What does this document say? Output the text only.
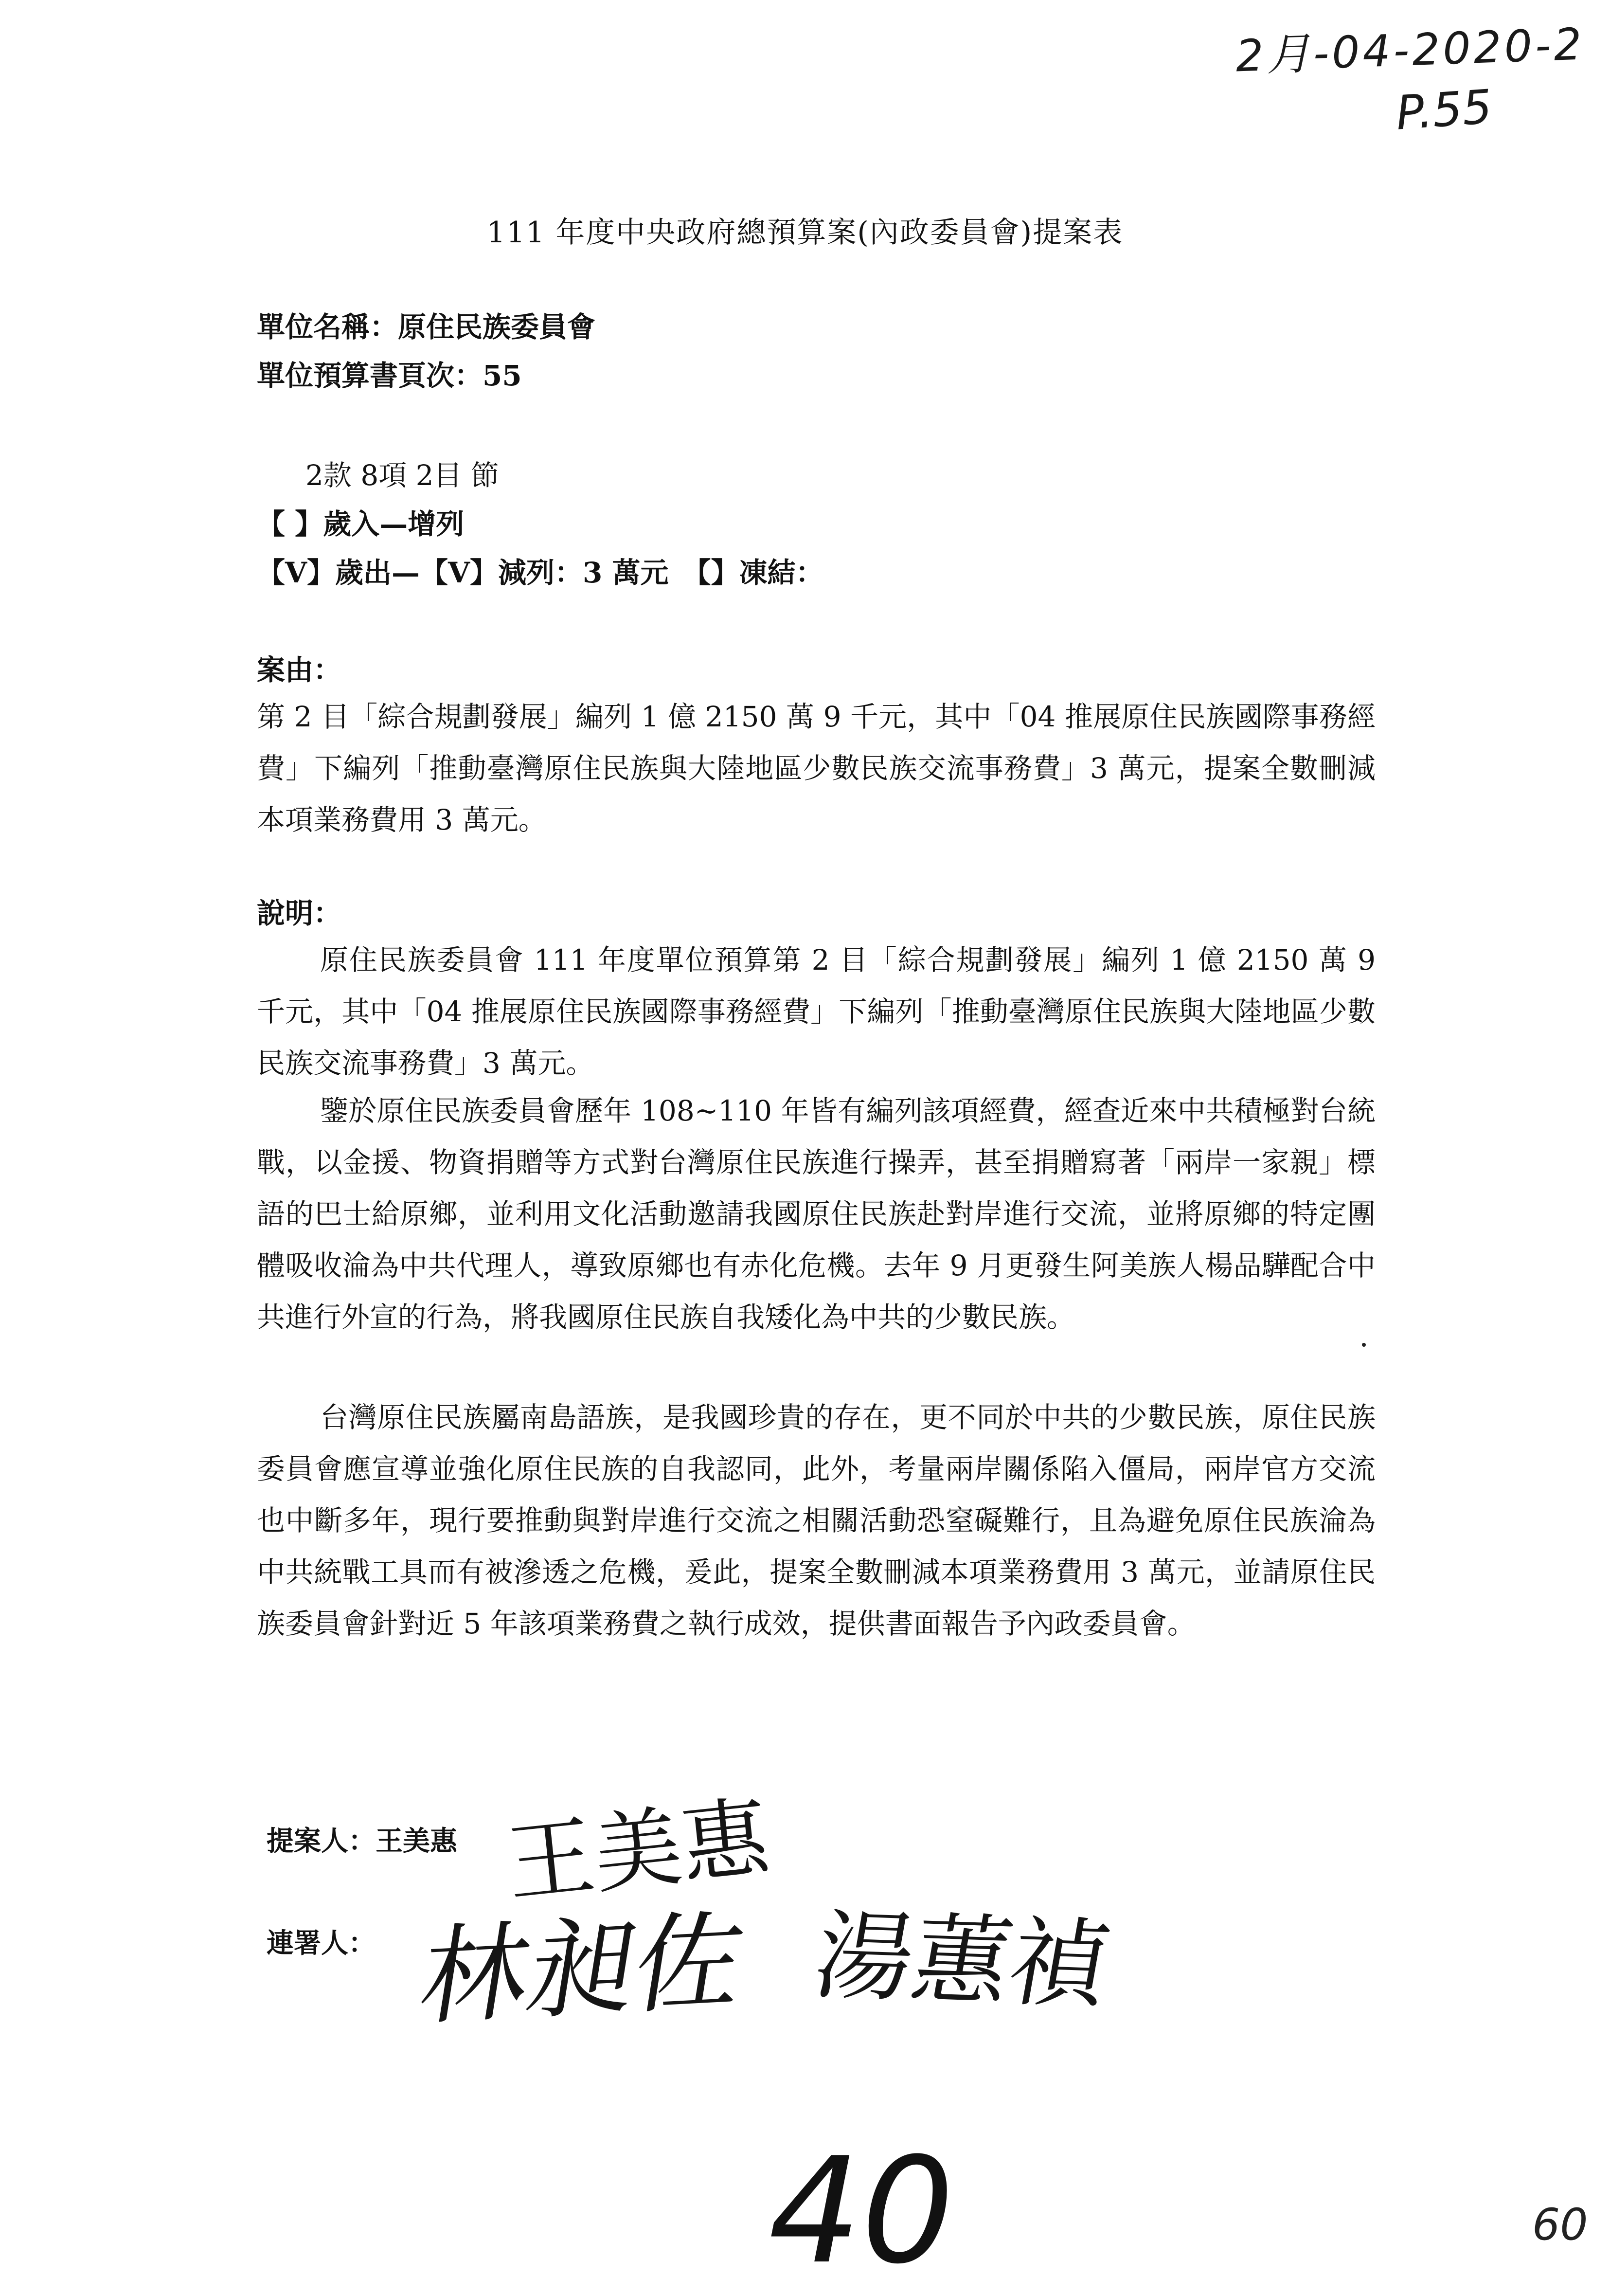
2月-04-2020-2
P.55
111 年度中央政府總預算案(內政委員會)提案表
單位名稱：原住民族委員會
單位預算書頁次：55
2款 8項 2目 節
【 】歲入—增列
【V】歲出—【V】減列：3 萬元　【】凍結：
案由：
第 2 目「綜合規劃發展」編列 1 億 2150 萬 9 千元，其中「04 推展原住民族國際事務經費」下編列「推動臺灣原住民族與大陸地區少數民族交流事務費」3 萬元，提案全數刪減本項業務費用 3 萬元。
說明：
原住民族委員會 111 年度單位預算第 2 目「綜合規劃發展」編列 1 億 2150 萬 9 千元，其中「04 推展原住民族國際事務經費」下編列「推動臺灣原住民族與大陸地區少數民族交流事務費」3 萬元。
鑒於原住民族委員會歷年 108~110 年皆有編列該項經費，經查近來中共積極對台統戰，以金援、物資捐贈等方式對台灣原住民族進行操弄，甚至捐贈寫著「兩岸一家親」標語的巴士給原鄉，並利用文化活動邀請我國原住民族赴對岸進行交流，並將原鄉的特定團體吸收淪為中共代理人，導致原鄉也有赤化危機。去年 9 月更發生阿美族人楊品驊配合中共進行外宣的行為，將我國原住民族自我矮化為中共的少數民族。
台灣原住民族屬南島語族，是我國珍貴的存在，更不同於中共的少數民族，原住民族委員會應宣導並強化原住民族的自我認同，此外，考量兩岸關係陷入僵局，兩岸官方交流也中斷多年，現行要推動與對岸進行交流之相關活動恐窒礙難行，且為避免原住民族淪為中共統戰工具而有被滲透之危機，爰此，提案全數刪減本項業務費用 3 萬元，並請原住民族委員會針對近 5 年該項業務費之執行成效，提供書面報告予內政委員會。
提案人：王美惠 王美惠
連署人： 林昶佐 湯蕙禎
40	60
